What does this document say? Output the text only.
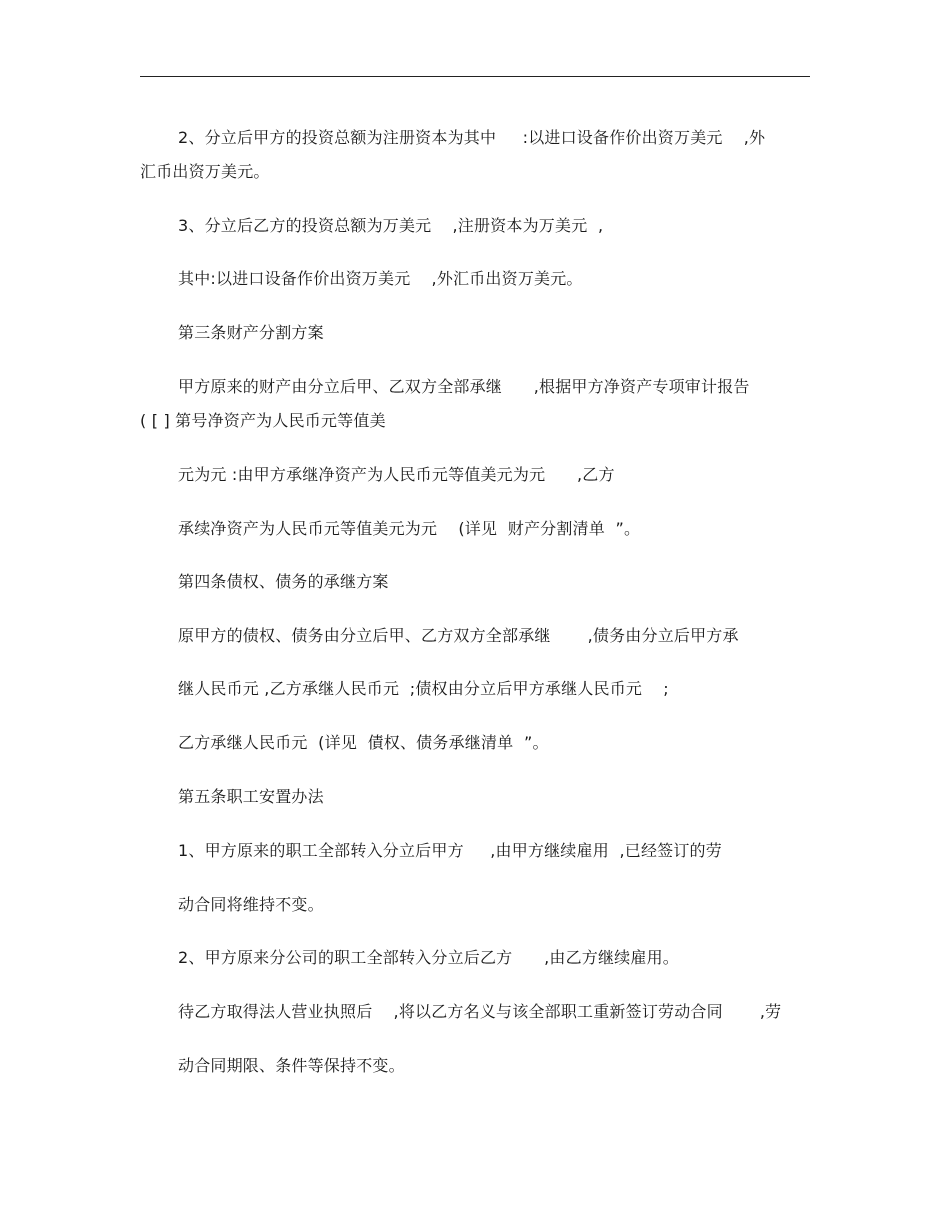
2、分立后甲方的投资总额为注册资本为其中     :以进口设备作价出资万美元    ,外
汇币出资万美元。
3、分立后乙方的投资总额为万美元    ,注册资本为万美元  ,
其中:以进口设备作价出资万美元    ,外汇币出资万美元。
第三条财产分割方案
甲方原来的财产由分立后甲、乙双方全部承继      ,根据甲方净资产专项审计报告
( [ ] 第号净资产为人民币元等值美
元为元 :由甲方承继净资产为人民币元等值美元为元      ,乙方
承续净资产为人民币元等值美元为元    (详见  财产分割清单  ”。
第四条债权、债务的承继方案
原甲方的债权、债务由分立后甲、乙方双方全部承继       ,债务由分立后甲方承
继人民币元 ,乙方承继人民币元  ;债权由分立后甲方承继人民币元    ;
乙方承继人民币元  (详见  債权、债务承继清单  ”。
第五条职工安置办法
1、甲方原来的职工全部转入分立后甲方     ,由甲方继续雇用  ,已经签订的劳
动合同将维持不变。
2、甲方原来分公司的职工全部转入分立后乙方      ,由乙方继续雇用。
待乙方取得法人营业执照后    ,将以乙方名义与该全部职工重新签订劳动合同       ,劳
动合同期限、条件等保持不变。
